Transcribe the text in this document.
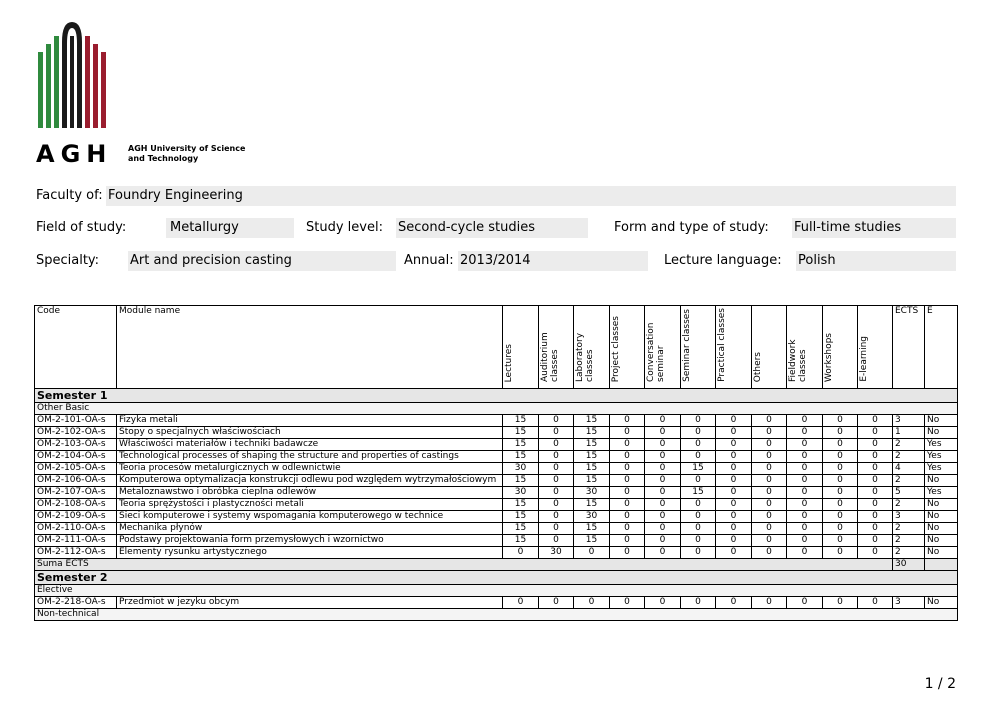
AGH AGH University of Science
and Technology
Faculty of: Foundry Engineering
Field of study:	Metallurgy	Study level: Second-cycle studies	Form and type of study: Full-time studies
Specialty: Art and precision casting	Annual: 2013/2014	Lecture language: Polish
Code	Module name	Lectures	Auditorium classes	Laboratory classes	Project classes	Conversation seminar	Seminar classes	Practical classes	Others	Fieldwork classes	Workshops	E-learning	ECTS	E
Semester 1														
Other Basic														
OM-2-101-OA-s	Fizyka metali	15	0	15	0	0	0	0	0	0	0	0	3	No
OM-2-102-OA-s	Stopy o specjalnych właściwościach	15	0	15	0	0	0	0	0	0	0	0	1	No
OM-2-103-OA-s	Właściwości materiałów i techniki badawcze	15	0	15	0	0	0	0	0	0	0	0	2	Yes
OM-2-104-OA-s	Technological processes of shaping the structure and properties of castings	15	0	15	0	0	0	0	0	0	0	0	2	Yes
OM-2-105-OA-s	Teoria procesów metalurgicznych w odlewnictwie	30	0	15	0	0	15	0	0	0	0	0	4	Yes
OM-2-106-OA-s	Komputerowa optymalizacja konstrukcji odlewu pod względem wytrzymałościowym	15	0	15	0	0	0	0	0	0	0	0	2	No
OM-2-107-OA-s	Metaloznawstwo i obróbka cieplna odlewów	30	0	30	0	0	15	0	0	0	0	0	5	Yes
OM-2-108-OA-s	Teoria sprężystości i plastyczności metali	15	0	15	0	0	0	0	0	0	0	0	2	No
OM-2-109-OA-s	Sieci komputerowe i systemy wspomagania komputerowego w technice	15	0	30	0	0	0	0	0	0	0	0	3	No
OM-2-110-OA-s	Mechanika płynów	15	0	15	0	0	0	0	0	0	0	0	2	No
OM-2-111-OA-s	Podstawy projektowania form przemysłowych i wzornictwo	15	0	15	0	0	0	0	0	0	0	0	2	No
OM-2-112-OA-s	Elementy rysunku artystycznego	0	30	0	0	0	0	0	0	0	0	0	2	No
Suma ECTS													30	
Semester 2														
Elective														
OM-2-218-OA-s	Przedmiot w jezyku obcym	0	0	0	0	0	0	0	0	0	0	0	3	No
Non-technical														
1 / 2
